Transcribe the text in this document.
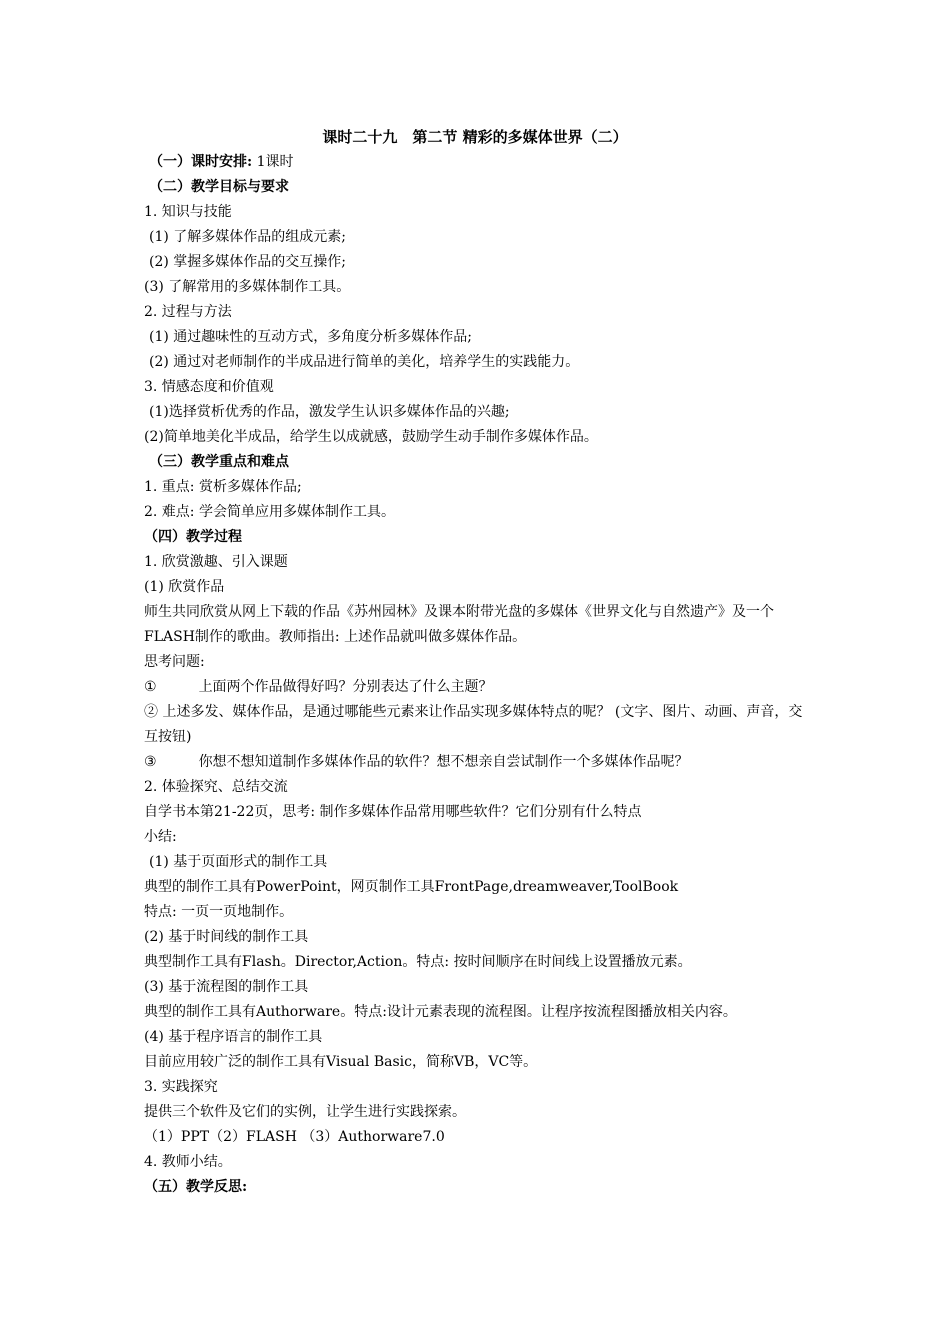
课时二十九　第二节 精彩的多媒体世界（二）
（一）课时安排: 1课时
（二）教学目标与要求
1. 知识与技能
(1) 了解多媒体作品的组成元素;
(2) 掌握多媒体作品的交互操作;
(3) 了解常用的多媒体制作工具。
2. 过程与方法
(1) 通过趣味性的互动方式，多角度分析多媒体作品;
(2) 通过对老师制作的半成品进行简单的美化，培养学生的实践能力。
3. 情感态度和价值观
(1)选择赏析优秀的作品，激发学生认识多媒体作品的兴趣;
(2)简单地美化半成品，给学生以成就感，鼓励学生动手制作多媒体作品。
（三）教学重点和难点
1. 重点: 赏析多媒体作品;
2. 难点: 学会简单应用多媒体制作工具。
（四）教学过程
1. 欣赏激趣、引入课题
(1) 欣赏作品
师生共同欣赏从网上下载的作品《苏州园林》及课本附带光盘的多媒体《世界文化与自然遗产》及一个FLASH制作的歌曲。教师指出: 上述作品就叫做多媒体作品。
思考问题:
①	上面两个作品做得好吗？分别表达了什么主题？
② 上述多发、媒体作品，是通过哪能些元素来让作品实现多媒体特点的呢？ (文字、图片、动画、声音，交互按钮)
③	你想不想知道制作多媒体作品的软件？想不想亲自尝试制作一个多媒体作品呢？
2. 体验探究、总结交流
自学书本第21-22页，思考: 制作多媒体作品常用哪些软件？它们分别有什么特点
小结:
(1) 基于页面形式的制作工具
典型的制作工具有PowerPoint，网页制作工具FrontPage,dreamweaver,ToolBook
特点: 一页一页地制作。
(2) 基于时间线的制作工具
典型制作工具有Flash。Director,Action。特点: 按时间顺序在时间线上设置播放元素。
(3) 基于流程图的制作工具
典型的制作工具有Authorware。特点:设计元素表现的流程图。让程序按流程图播放相关内容。
(4) 基于程序语言的制作工具
目前应用较广泛的制作工具有Visual Basic，简称VB，VC等。
3. 实践探究
提供三个软件及它们的实例，让学生进行实践探索。
（1）PPT（2）FLASH （3）Authorware7.0
4. 教师小结。
（五）教学反思:
